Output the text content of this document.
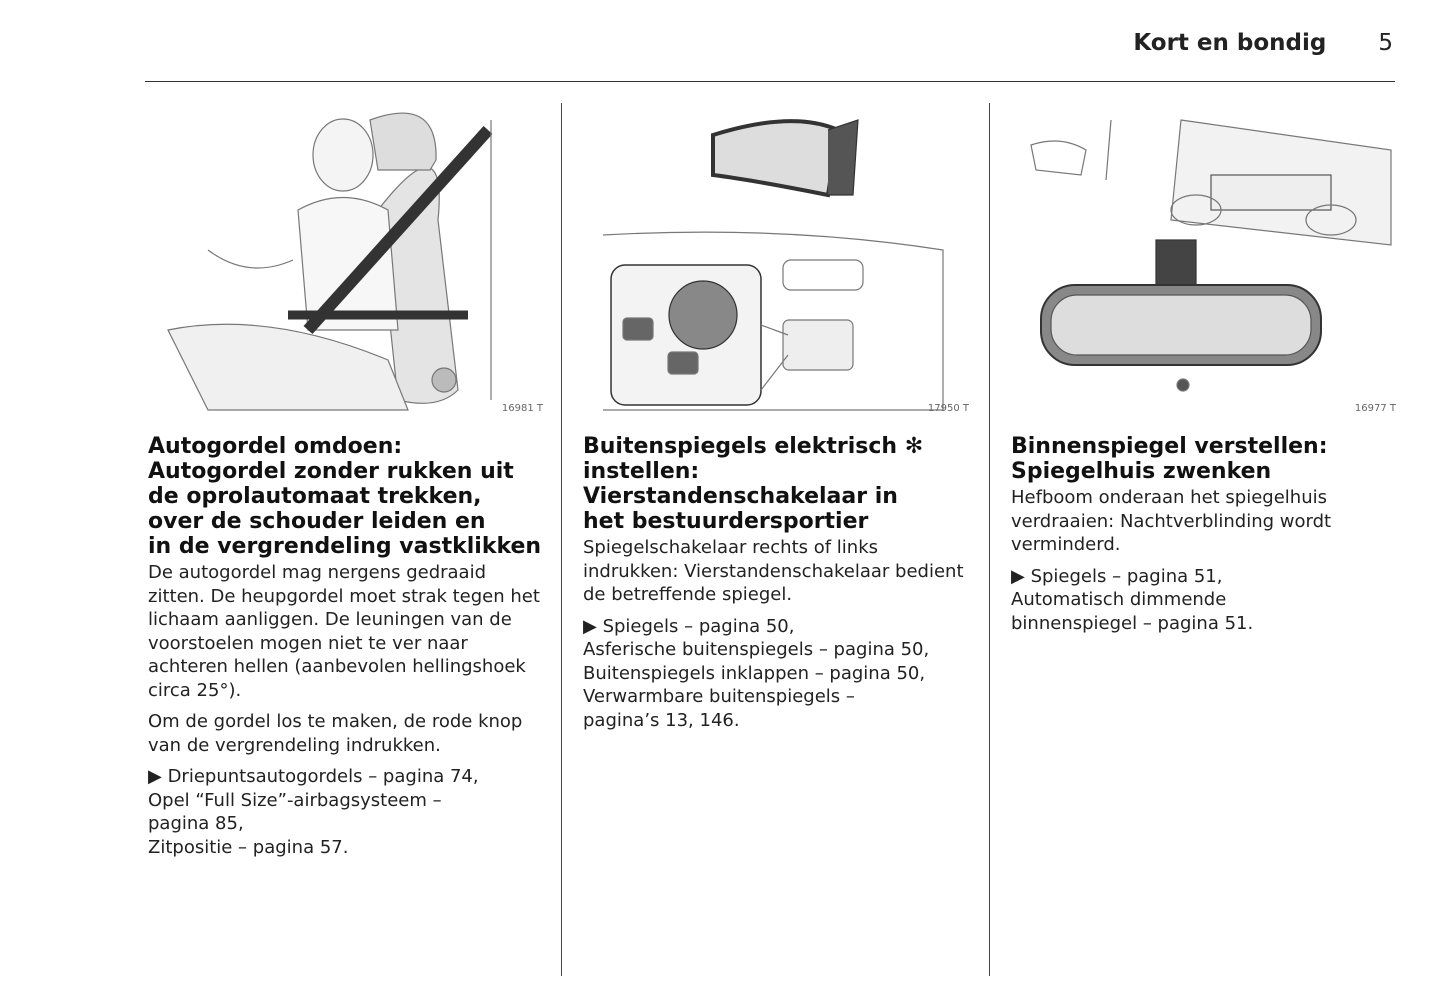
Kort en bondig 5
16981 T
Autogordel omdoen:
Autogordel zonder rukken uit
de oprolautomaat trekken,
over de schouder leiden en
in de vergrendeling vastklikken

De autogordel mag nergens gedraaid zitten. De heupgordel moet strak tegen het lichaam aanliggen. De leuningen van de voorstoelen mogen niet te ver naar achteren hellen (aanbevolen hellingshoek circa 25°).

Om de gordel los te maken, de rode knop van de vergrendeling indrukken.

▶ Driepuntsautogordels – pagina 74,
Opel “Full Size”-airbagsysteem –
pagina 85,
Zitpositie – pagina 57.
17950 T
Buitenspiegels elektrisch ✻
instellen:
Vierstandenschakelaar in
het bestuurdersportier

Spiegelschakelaar rechts of links indrukken: Vierstandenschakelaar bedient de betreffende spiegel.

▶ Spiegels – pagina 50,
Asferische buitenspiegels – pagina 50,
Buitenspiegels inklappen – pagina 50,
Verwarmbare buitenspiegels –
pagina’s 13, 146.
16977 T
Binnenspiegel verstellen:
Spiegelhuis zwenken

Hefboom onderaan het spiegelhuis verdraaien: Nachtverblinding wordt verminderd.

▶ Spiegels – pagina 51,
Automatisch dimmende
binnenspiegel – pagina 51.
